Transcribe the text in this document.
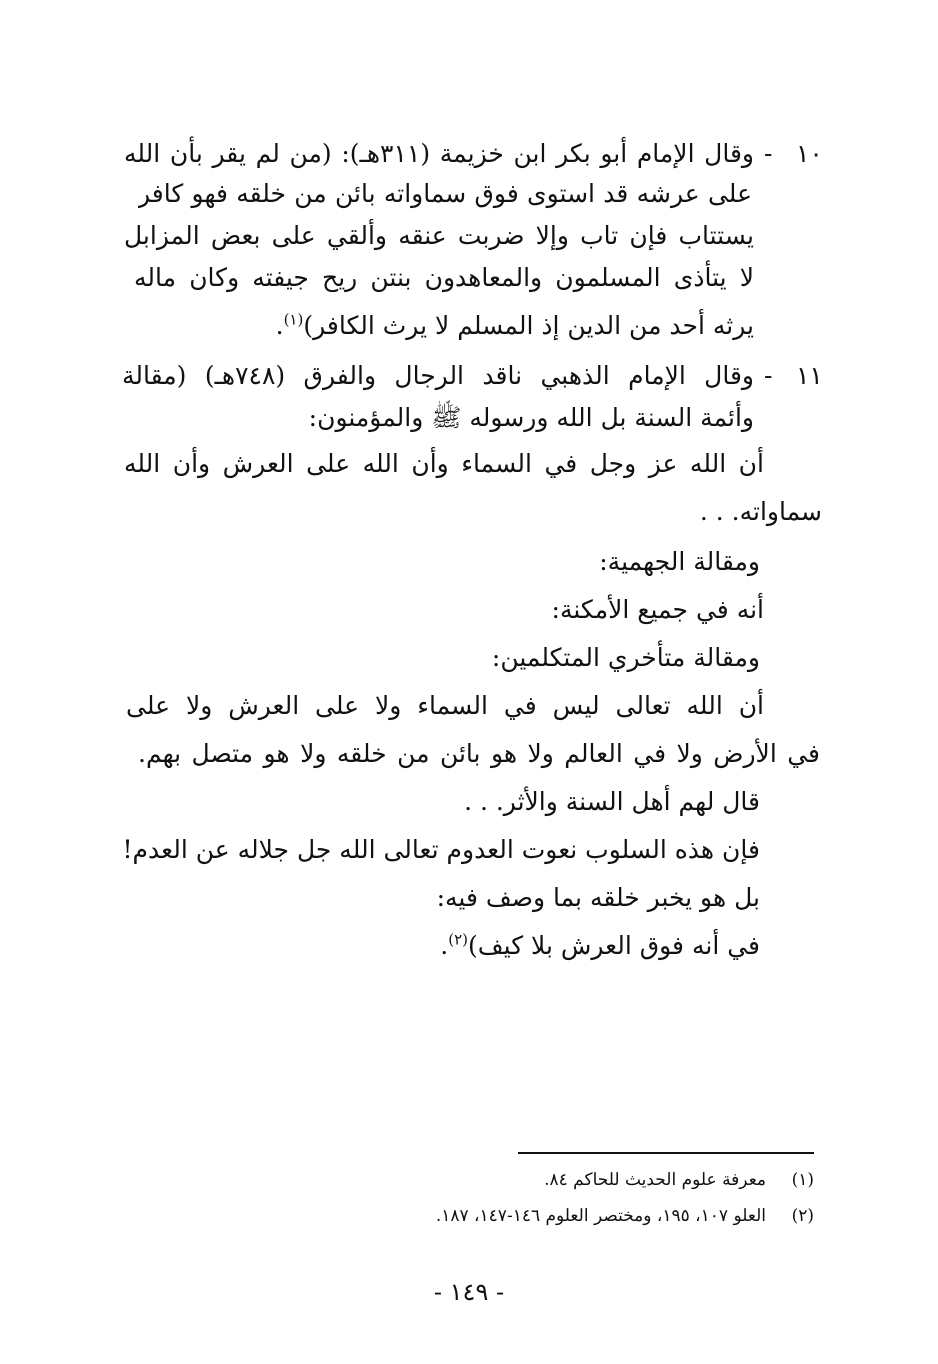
١٠
-
وقال الإمام أبو بكر ابن خزيمة (٣١١هـ): (من لم يقر بأن الله
على عرشه قد استوى فوق سماواته بائن من خلقه فهو كافر
يستتاب فإن تاب وإلا ضربت عنقه وألقي على بعض المزابل
لا يتأذى المسلمون والمعاهدون بنتن ريح جيفته وكان ماله
يرثه أحد من الدين إذ المسلم لا يرث الكافر)$^{(١)}$.
١١
-
وقال الإمام الذهبي ناقد الرجال والفرق (٧٤٨هـ) (مقالة
وأئمة السنة بل الله ورسوله ﷺ والمؤمنون:
أن الله عز وجل في السماء وأن الله على العرش وأن الله
سماواته. . .
ومقالة الجهمية:
أنه في جميع الأمكنة:
ومقالة متأخري المتكلمين:
أن الله تعالى ليس في السماء ولا على العرش ولا على
في الأرض ولا في العالم ولا هو بائن من خلقه ولا هو متصل بهم.
قال لهم أهل السنة والأثر. . .
فإن هذه السلوب نعوت العدوم تعالى الله جل جلاله عن العدم!
بل هو يخبر خلقه بما وصف فيه:
في أنه فوق العرش بلا كيف)$^{(٢)}$.
(١)
معرفة علوم الحديث للحاكم ٨٤.
(٢)
العلو ١٠٧، ١٩٥، ومختصر العلوم ١٤٦-١٤٧، ١٨٧.
- ١٤٩ -
